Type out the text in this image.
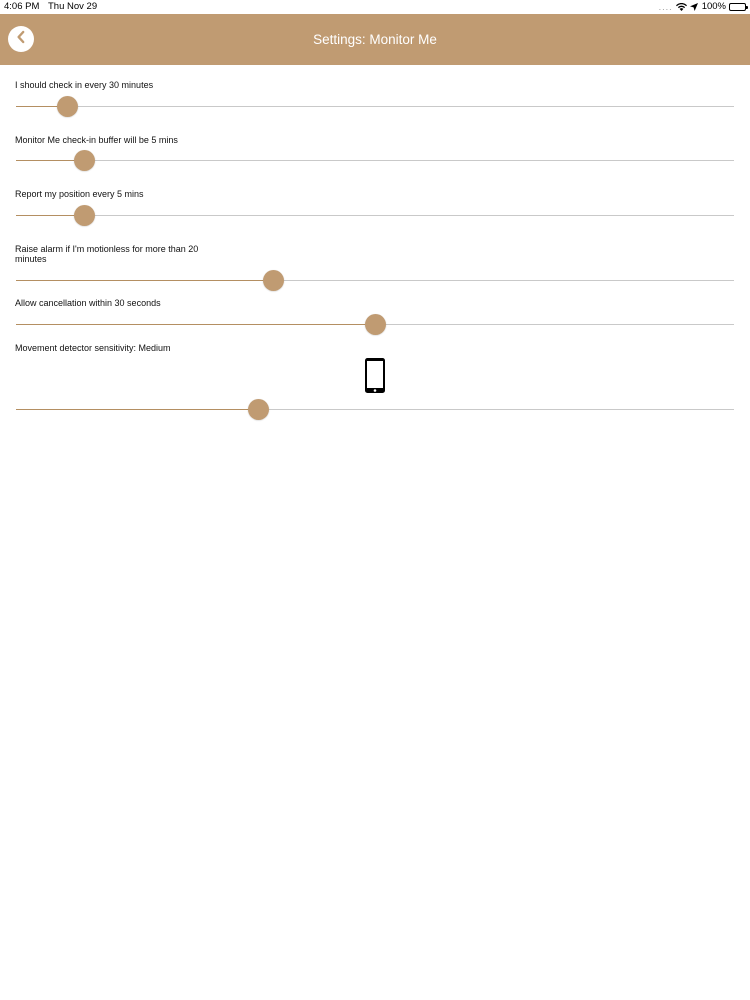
4:06 PM Thu Nov 29	....	100%
Settings: Monitor Me
I should check in every 30 minutes
Monitor Me check-in buffer will be 5 mins
Report my position every 5 mins
Raise alarm if I'm motionless for more than 20 minutes
Allow cancellation within 30 seconds
Movement detector sensitivity: Medium
